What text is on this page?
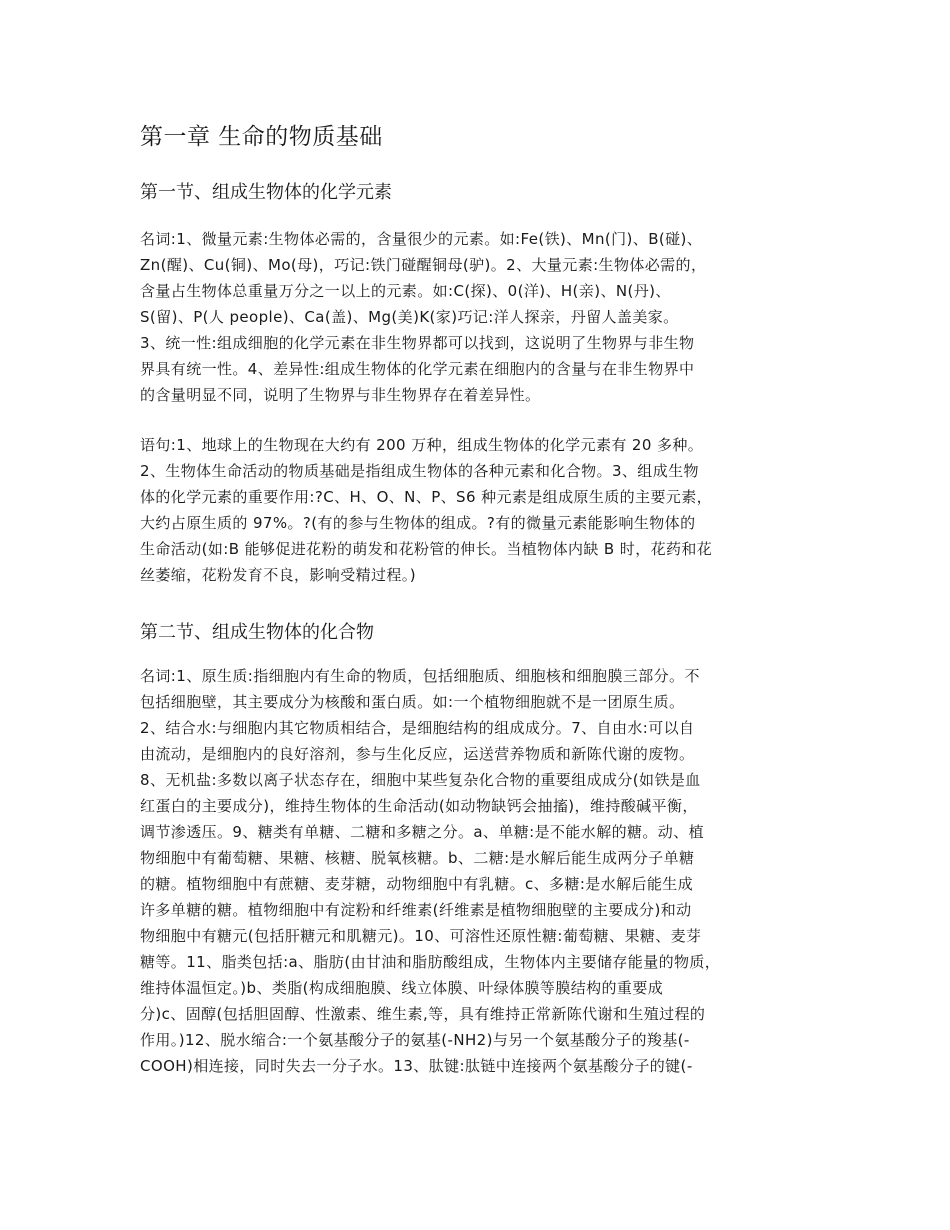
第一章 生命的物质基础
第一节、组成生物体的化学元素

名词:1、微量元素:生物体必需的，含量很少的元素。如:Fe(铁)、Mn(门)、B(碰)、
Zn(醒)、Cu(铜)、Mo(母)，巧记:铁门碰醒铜母(驴)。2、大量元素:生物体必需的，
含量占生物体总重量万分之一以上的元素。如:C(探)、0(洋)、H(亲)、N(丹)、
S(留)、P(人 people)、Ca(盖)、Mg(美)K(家)巧记:洋人探亲，丹留人盖美家。
3、统一性:组成细胞的化学元素在非生物界都可以找到，这说明了生物界与非生物
界具有统一性。4、差异性:组成生物体的化学元素在细胞内的含量与在非生物界中
的含量明显不同，说明了生物界与非生物界存在着差异性。

语句:1、地球上的生物现在大约有 200 万种，组成生物体的化学元素有 20 多种。
2、生物体生命活动的物质基础是指组成生物体的各种元素和化合物。3、组成生物
体的化学元素的重要作用:?C、H、O、N、P、S6 种元素是组成原生质的主要元素，
大约占原生质的 97%。?(有的参与生物体的组成。?有的微量元素能影响生物体的
生命活动(如:B 能够促进花粉的萌发和花粉管的伸长。当植物体内缺 B 时，花药和花
丝萎缩，花粉发育不良，影响受精过程。)

第二节、组成生物体的化合物

名词:1、原生质:指细胞内有生命的物质，包括细胞质、细胞核和细胞膜三部分。不
包括细胞壁，其主要成分为核酸和蛋白质。如:一个植物细胞就不是一团原生质。
2、结合水:与细胞内其它物质相结合，是细胞结构的组成成分。7、自由水:可以自
由流动，是细胞内的良好溶剂，参与生化反应，运送营养物质和新陈代谢的废物。
8、无机盐:多数以离子状态存在，细胞中某些复杂化合物的重要组成成分(如铁是血
红蛋白的主要成分)，维持生物体的生命活动(如动物缺钙会抽搐)，维持酸碱平衡，
调节渗透压。9、糖类有单糖、二糖和多糖之分。a、单糖:是不能水解的糖。动、植
物细胞中有葡萄糖、果糖、核糖、脱氧核糖。b、二糖:是水解后能生成两分子单糖
的糖。植物细胞中有蔗糖、麦芽糖，动物细胞中有乳糖。c、多糖:是水解后能生成
许多单糖的糖。植物细胞中有淀粉和纤维素(纤维素是植物细胞壁的主要成分)和动
物细胞中有糖元(包括肝糖元和肌糖元)。10、可溶性还原性糖:葡萄糖、果糖、麦芽
糖等。11、脂类包括:a、脂肪(由甘油和脂肪酸组成，生物体内主要储存能量的物质，
维持体温恒定。)b、类脂(构成细胞膜、线立体膜、叶绿体膜等膜结构的重要成
分)c、固醇(包括胆固醇、性激素、维生素,等，具有维持正常新陈代谢和生殖过程的
作用。)12、脱水缩合:一个氨基酸分子的氨基(-NH2)与另一个氨基酸分子的羧基(-
COOH)相连接，同时失去一分子水。13、肽键:肽链中连接两个氨基酸分子的键(-
